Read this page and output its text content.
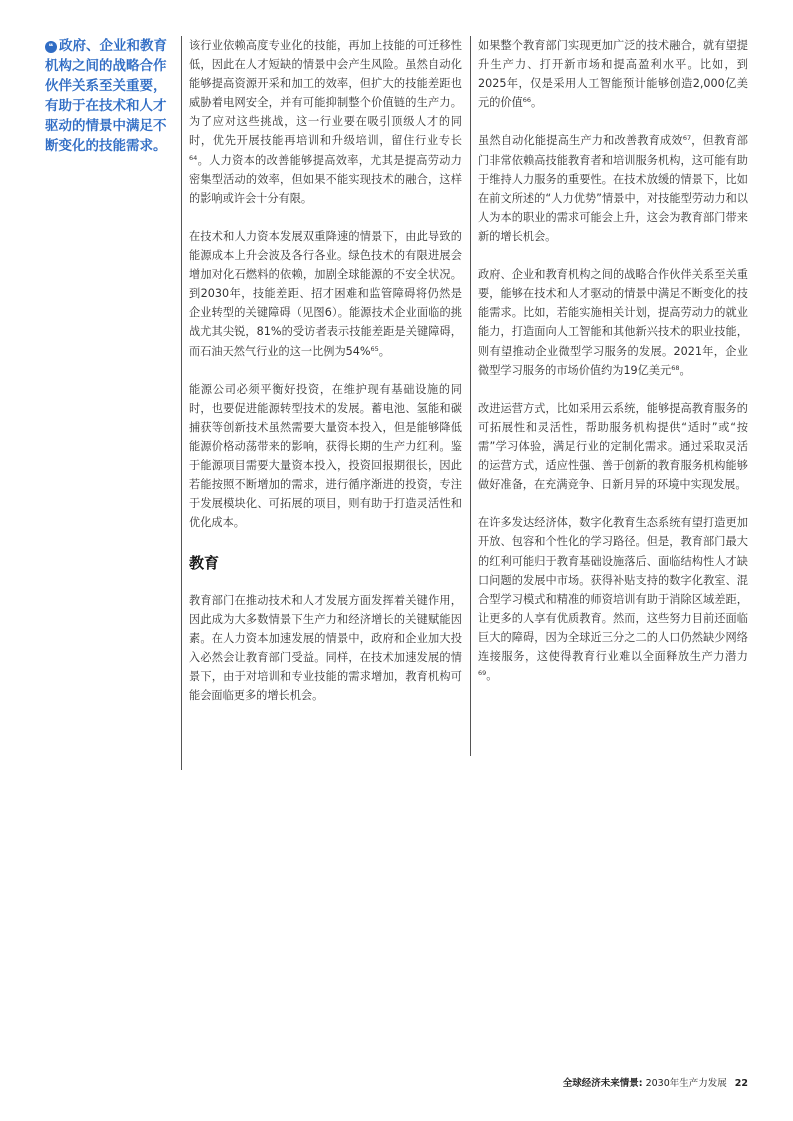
❝ 政府、企业和教育机构之间的战略合作伙伴关系至关重要，有助于在技术和人才驱动的情景中满足不断变化的技能需求。

该行业依赖高度专业化的技能，再加上技能的可迁移性低，因此在人才短缺的情景中会产生风险。虽然自动化能够提高资源开采和加工的效率，但扩大的技能差距也威胁着电网安全，并有可能抑制整个价值链的生产力。为了应对这些挑战，这一行业要在吸引顶级人才的同时，优先开展技能再培训和升级培训，留住行业专长$^{64}$。人力资本的改善能够提高效率，尤其是提高劳动力密集型活动的效率，但如果不能实现技术的融合，这样的影响或许会十分有限。

在技术和人力资本发展双重降速的情景下，由此导致的能源成本上升会波及各行各业。绿色技术的有限进展会增加对化石燃料的依赖，加剧全球能源的不安全状况。到2030年，技能差距、招才困难和监管障碍将仍然是企业转型的关键障碍（见图6）。能源技术企业面临的挑战尤其尖锐，81%的受访者表示技能差距是关键障碍，而石油天然气行业的这一比例为54%$^{65}$。

能源公司必须平衡好投资，在维护现有基础设施的同时，也要促进能源转型技术的发展。蓄电池、氢能和碳捕获等创新技术虽然需要大量资本投入，但是能够降低能源价格动荡带来的影响，获得长期的生产力红利。鉴于能源项目需要大量资本投入，投资回报期很长，因此若能按照不断增加的需求，进行循序渐进的投资，专注于发展模块化、可拓展的项目，则有助于打造灵活性和优化成本。

教育

教育部门在推动技术和人才发展方面发挥着关键作用，因此成为大多数情景下生产力和经济增长的关键赋能因素。在人力资本加速发展的情景中，政府和企业加大投入必然会让教育部门受益。同样，在技术加速发展的情景下，由于对培训和专业技能的需求增加，教育机构可能会面临更多的增长机会。

如果整个教育部门实现更加广泛的技术融合，就有望提升生产力、打开新市场和提高盈利水平。比如，到2025年，仅是采用人工智能预计能够创造2,000亿美元的价值$^{66}$。

虽然自动化能提高生产力和改善教育成效$^{67}$，但教育部门非常依赖高技能教育者和培训服务机构，这可能有助于维持人力服务的重要性。在技术放缓的情景下，比如在前文所述的“人力优势”情景中，对技能型劳动力和以人为本的职业的需求可能会上升，这会为教育部门带来新的增长机会。

政府、企业和教育机构之间的战略合作伙伴关系至关重要，能够在技术和人才驱动的情景中满足不断变化的技能需求。比如，若能实施相关计划，提高劳动力的就业能力，打造面向人工智能和其他新兴技术的职业技能，则有望推动企业微型学习服务的发展。2021年，企业微型学习服务的市场价值约为19亿美元$^{68}$。

改进运营方式，比如采用云系统，能够提高教育服务的可拓展性和灵活性，帮助服务机构提供“适时”或“按需”学习体验，满足行业的定制化需求。通过采取灵活的运营方式，适应性强、善于创新的教育服务机构能够做好准备，在充满竞争、日新月异的环境中实现发展。

在许多发达经济体，数字化教育生态系统有望打造更加开放、包容和个性化的学习路径。但是，教育部门最大的红利可能归于教育基础设施落后、面临结构性人才缺口问题的发展中市场。获得补贴支持的数字化教室、混合型学习模式和精准的师资培训有助于消除区域差距，让更多的人享有优质教育。然而，这些努力目前还面临巨大的障碍，因为全球近三分之二的人口仍然缺少网络连接服务，这使得教育行业难以全面释放生产力潜力$^{69}$。

全球经济未来情景: 2030年生产力发展 22
